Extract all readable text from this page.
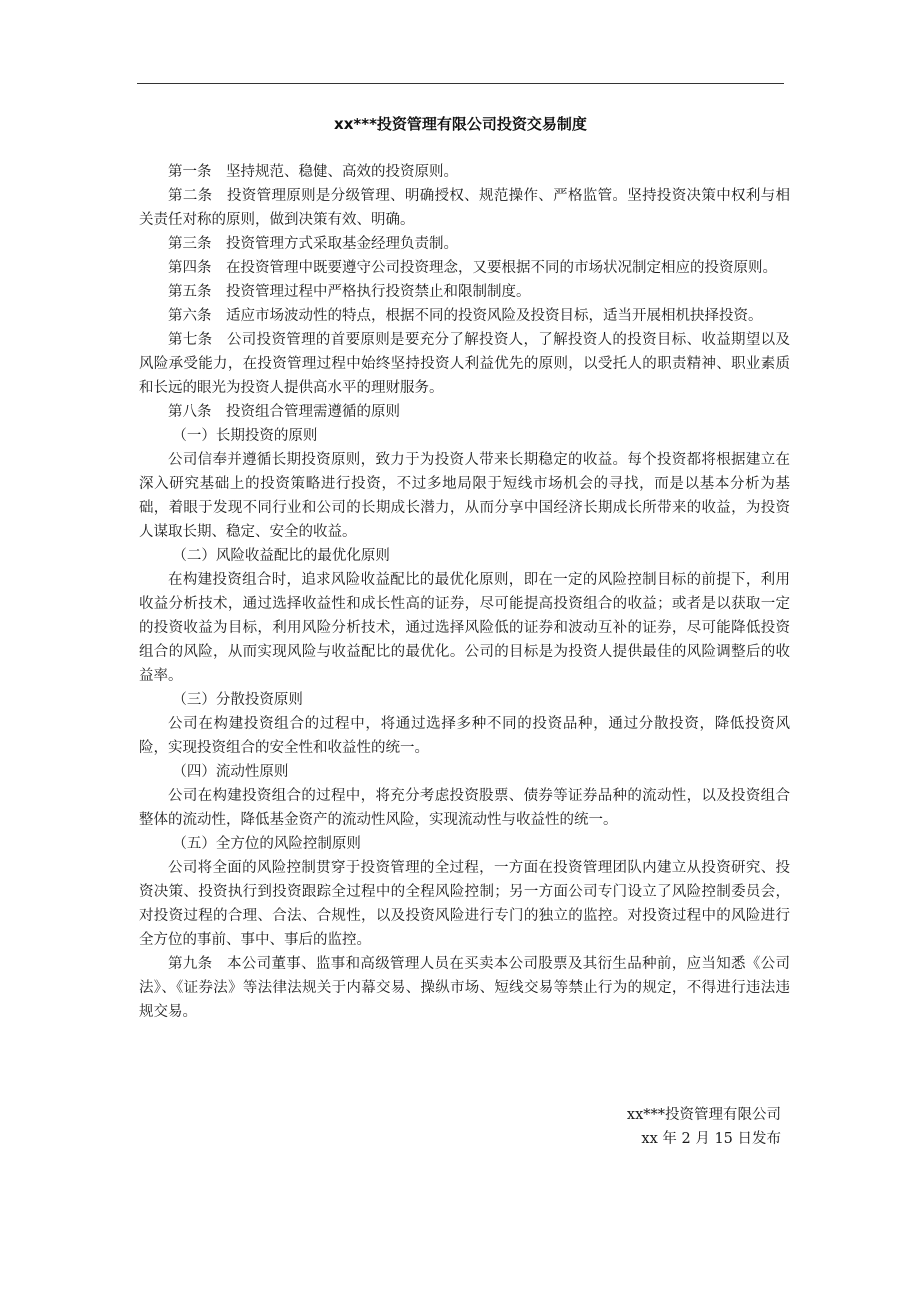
xx***投资管理有限公司投资交易制度

第一条 坚持规范、稳健、高效的投资原则。

第二条 投资管理原则是分级管理、明确授权、规范操作、严格监管。坚持投资决策中权利与相关责任对称的原则，做到决策有效、明确。

第三条 投资管理方式采取基金经理负责制。

第四条 在投资管理中既要遵守公司投资理念，又要根据不同的市场状况制定相应的投资原则。

第五条 投资管理过程中严格执行投资禁止和限制制度。

第六条 适应市场波动性的特点，根据不同的投资风险及投资目标，适当开展相机抉择投资。

第七条 公司投资管理的首要原则是要充分了解投资人，了解投资人的投资目标、收益期望以及风险承受能力，在投资管理过程中始终坚持投资人利益优先的原则，以受托人的职责精神、职业素质和长远的眼光为投资人提供高水平的理财服务。

第八条 投资组合管理需遵循的原则

（一）长期投资的原则

公司信奉并遵循长期投资原则，致力于为投资人带来长期稳定的收益。每个投资都将根据建立在深入研究基础上的投资策略进行投资，不过多地局限于短线市场机会的寻找，而是以基本分析为基础，着眼于发现不同行业和公司的长期成长潜力，从而分享中国经济长期成长所带来的收益，为投资人谋取长期、稳定、安全的收益。

（二）风险收益配比的最优化原则

在构建投资组合时，追求风险收益配比的最优化原则，即在一定的风险控制目标的前提下，利用收益分析技术，通过选择收益性和成长性高的证券，尽可能提高投资组合的收益；或者是以获取一定的投资收益为目标，利用风险分析技术，通过选择风险低的证券和波动互补的证券，尽可能降低投资组合的风险，从而实现风险与收益配比的最优化。公司的目标是为投资人提供最佳的风险调整后的收益率。

（三）分散投资原则

公司在构建投资组合的过程中，将通过选择多种不同的投资品种，通过分散投资，降低投资风险，实现投资组合的安全性和收益性的统一。

（四）流动性原则

公司在构建投资组合的过程中，将充分考虑投资股票、债券等证券品种的流动性，以及投资组合整体的流动性，降低基金资产的流动性风险，实现流动性与收益性的统一。

（五）全方位的风险控制原则

公司将全面的风险控制贯穿于投资管理的全过程，一方面在投资管理团队内建立从投资研究、投资决策、投资执行到投资跟踪全过程中的全程风险控制；另一方面公司专门设立了风险控制委员会，对投资过程的合理、合法、合规性，以及投资风险进行专门的独立的监控。对投资过程中的风险进行全方位的事前、事中、事后的监控。

第九条 本公司董事、监事和高级管理人员在买卖本公司股票及其衍生品种前，应当知悉《公司法》、《证券法》等法律法规关于内幕交易、操纵市场、短线交易等禁止行为的规定，不得进行违法违规交易。

xx***投资管理有限公司
xx 年 2 月 15 日发布
